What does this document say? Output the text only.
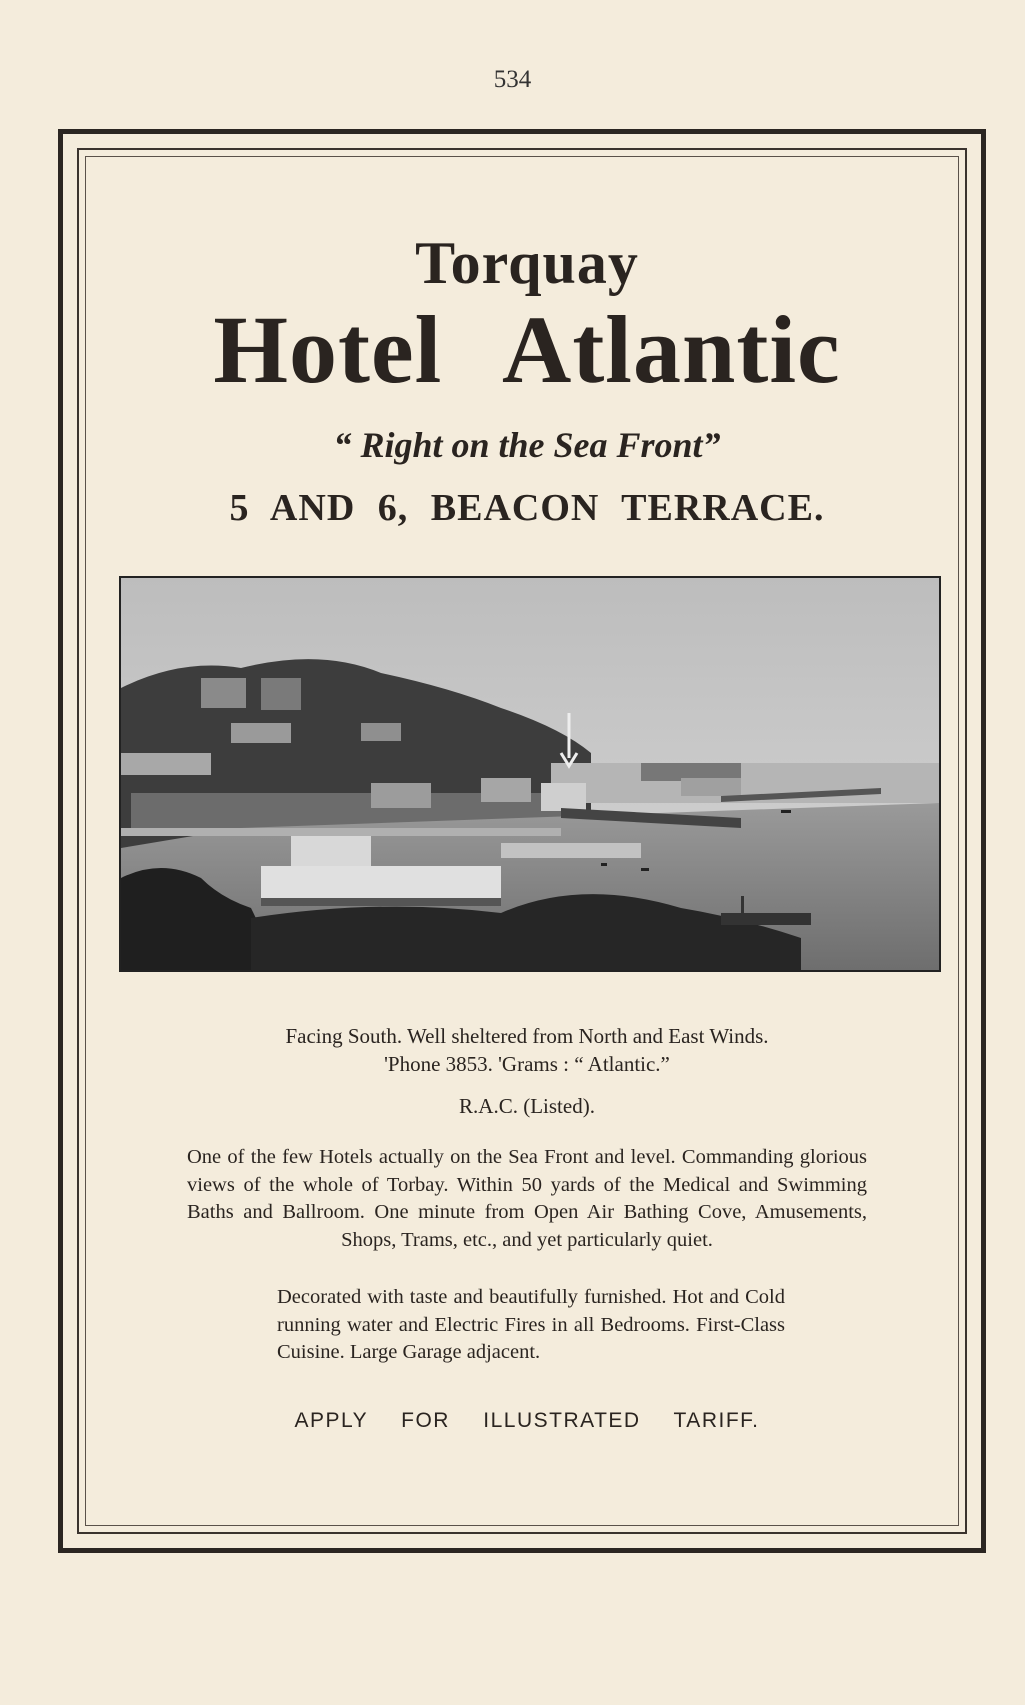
534
Torquay
Hotel Atlantic
“ Right on the Sea Front”
5 AND 6, BEACON TERRACE.
Facing South. Well sheltered from North and East Winds.
'Phone 3853. 'Grams : “ Atlantic.”
R.A.C. (Listed).
One of the few Hotels actually on the Sea Front and level. Commanding glorious views of the whole of Torbay. Within 50 yards of the Medical and Swimming Baths and Ballroom. One minute from Open Air Bathing Cove, Amusements, Shops, Trams, etc., and yet particularly quiet.
Decorated with taste and beautifully furnished. Hot and Cold running water and Electric Fires in all Bedrooms. First-Class Cuisine. Large Garage adjacent.
APPLY FOR ILLUSTRATED TARIFF.
